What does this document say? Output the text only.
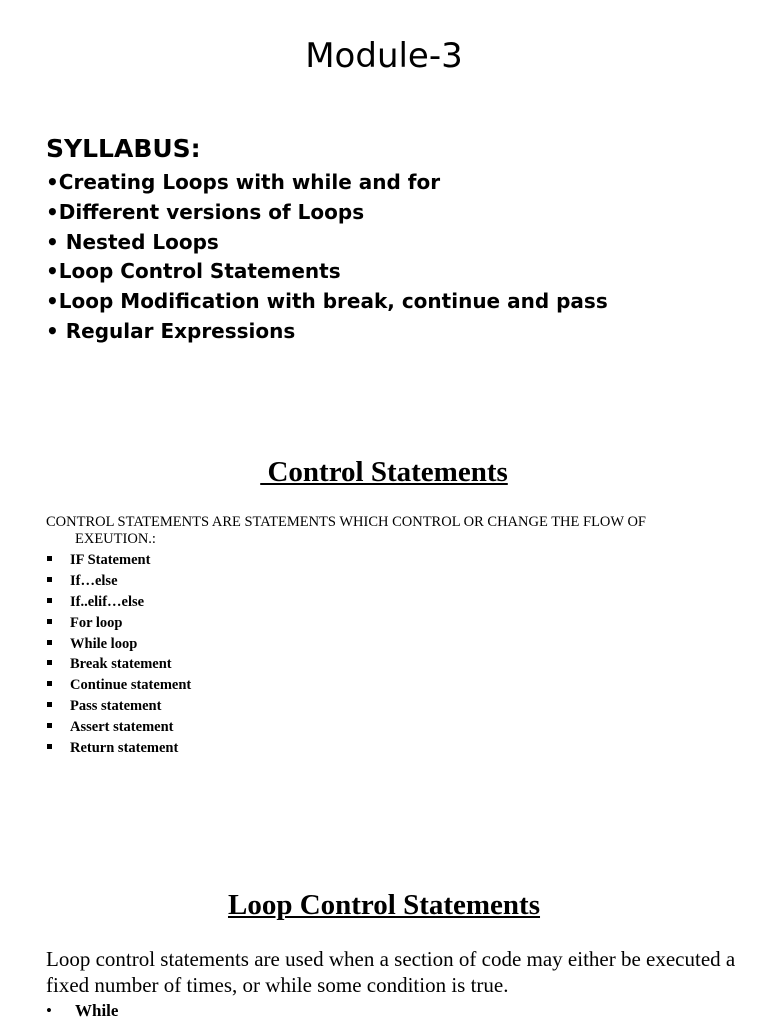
Module-3
SYLLABUS:
•Creating Loops with while and for
•Different versions of Loops
• Nested Loops
•Loop Control Statements
•Loop Modification with break, continue and pass
• Regular Expressions
Control Statements

CONTROL STATEMENTS ARE STATEMENTS WHICH CONTROL OR CHANGE THE FLOW OF
EXEUTION.:

IF Statement
If…else
If..elif…else
For loop
While loop
Break statement
Continue statement
Pass statement
Assert statement
Return statement
Loop Control Statements

Loop control statements are used when a section of code may either be executed a fixed number of times, or while some condition is true.

• While
